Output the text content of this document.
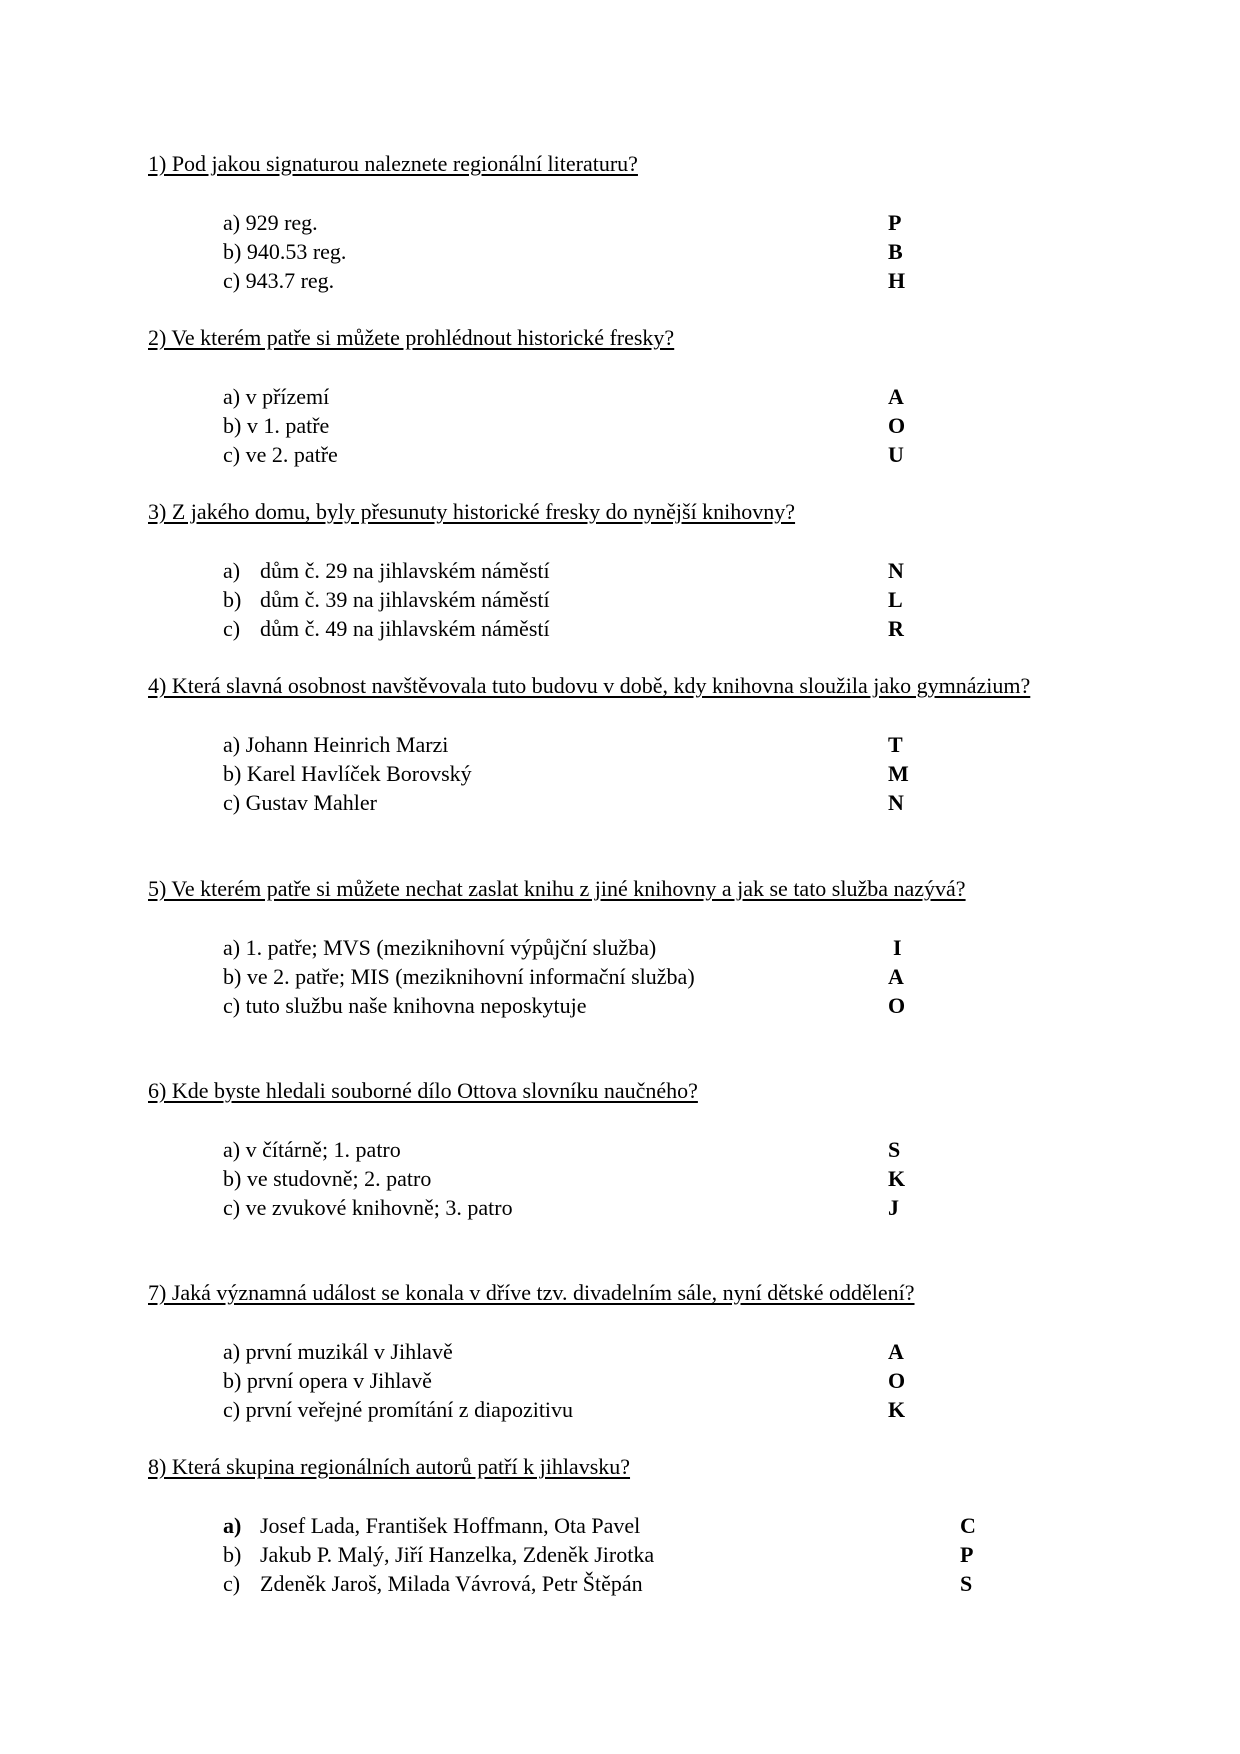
1) Pod jakou signaturou naleznete regionální literaturu?

a) 929 reg.	P
b) 940.53 reg.	B
c) 943.7 reg.	H

2) Ve kterém patře si můžete prohlédnout historické fresky?

a) v přízemí	A
b) v 1. patře	O
c) ve 2. patře	U

3) Z jakého domu, byly přesunuty historické fresky do nynější knihovny?

a) dům č. 29 na jihlavském náměstí	N
b) dům č. 39 na jihlavském náměstí	L
c) dům č. 49 na jihlavském náměstí	R

4) Která slavná osobnost navštěvovala tuto budovu v době, kdy knihovna sloužila jako gymnázium?

a) Johann Heinrich Marzi	T
b) Karel Havlíček Borovský	M
c) Gustav Mahler	N

5) Ve kterém patře si můžete nechat zaslat knihu z jiné knihovny a jak se tato služba nazývá?

a) 1. patře; MVS (meziknihovní výpůjční služba)	I
b) ve 2. patře; MIS (meziknihovní informační služba)	A
c) tuto službu naše knihovna neposkytuje	O

6) Kde byste hledali souborné dílo Ottova slovníku naučného?

a) v čítárně; 1. patro	S
b) ve studovně; 2. patro	K
c) ve zvukové knihovně; 3. patro	J

7) Jaká významná událost se konala v dříve tzv. divadelním sále, nyní dětské oddělení?

a) první muzikál v Jihlavě	A
b) první opera v Jihlavě	O
c) první veřejné promítání z diapozitivu	K

8) Která skupina regionálních autorů patří k jihlavsku?

a) Josef Lada, František Hoffmann, Ota Pavel	C
b) Jakub P. Malý, Jiří Hanzelka, Zdeněk Jirotka	P
c) Zdeněk Jaroš, Milada Vávrová, Petr Štěpán	S
